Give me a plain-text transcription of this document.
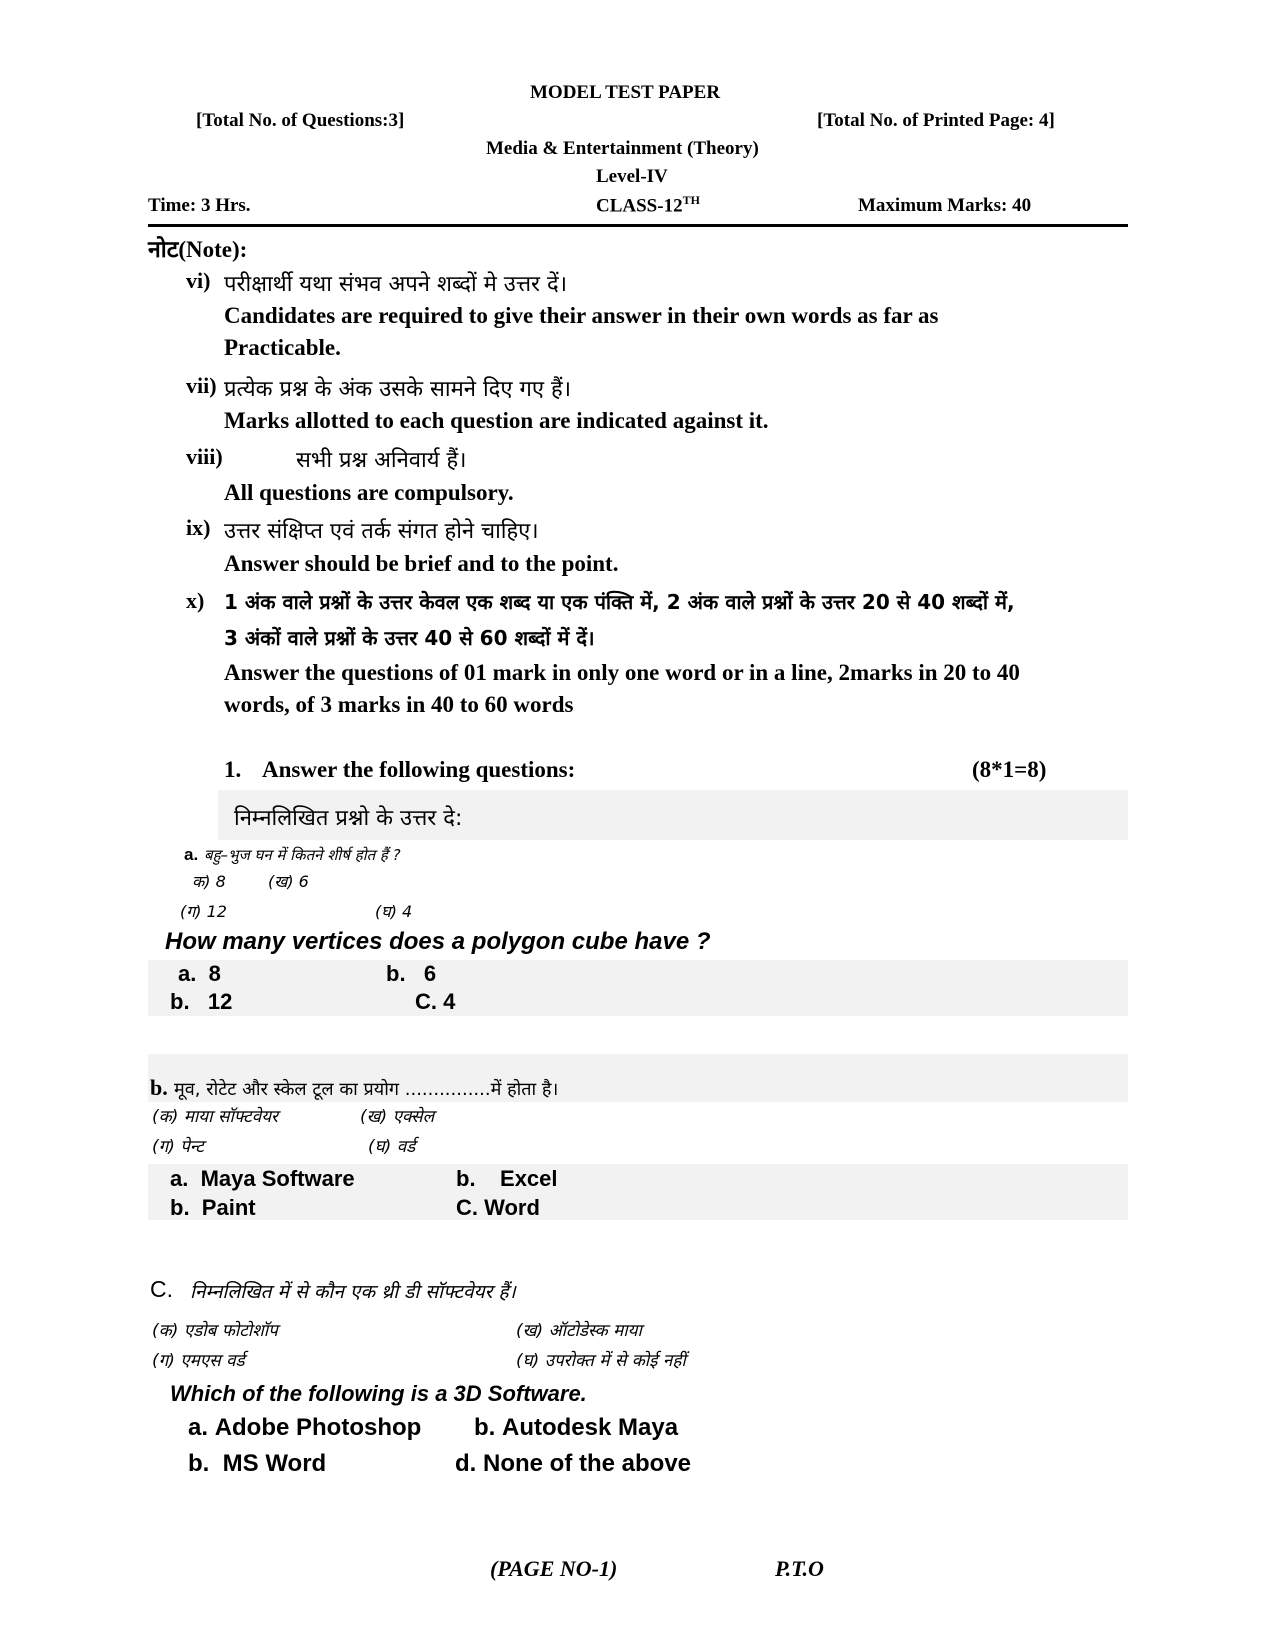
MODEL TEST PAPER
[Total No. of Questions:3]	[Total No. of Printed Page: 4]
Media & Entertainment (Theory)
Level-IV
Time: 3 Hrs.	CLASS-12TH	Maximum Marks: 40
नोट(Note):
vi) परीक्षार्थी यथा संभव अपने शब्दों मे उत्तर दें।
Candidates are required to give their answer in their own words as far as
Practicable.
vii) प्रत्येक प्रश्न के अंक उसके सामने दिए गए हैं।
Marks allotted to each question are indicated against it.
viii)	सभी प्रश्न अनिवार्य हैं।
All questions are compulsory.
ix) उत्तर संक्षिप्त एवं तर्क संगत होने चाहिए।
Answer should be brief and to the point.
x) 1 अंक वाले प्रश्नों के उत्तर केवल एक शब्द या एक पंक्ति में, 2 अंक वाले प्रश्नों के उत्तर 20 से 40 शब्दों में,
3 अंकों वाले प्रश्नों के उत्तर 40 से 60 शब्दों में दें।
Answer the questions of 01 mark in only one word or in a line, 2marks in 20 to 40
words, of 3 marks in 40 to 60 words
1. Answer the following questions:	(8*1=8)
निम्नलिखित प्रश्नो के उत्तर दे:
a. बहु–भुज घन में कितने शीर्ष होत हैं ?
क) 8	(ख) 6
(ग) 12	(घ) 4
How many vertices does a polygon cube have ?
a. 8	b. 6
b. 12	C. 4
b. मूव, रोटेट और स्केल टूल का प्रयोग ...............में होता है।
(क) माया सॉफ्टवेयर	(ख) एक्सेल
(ग) पेन्ट	(घ) वर्ड
a. Maya Software	b. Excel
b. Paint	C. Word
C. निम्नलिखित में से कौन एक थ्री डी सॉफ्टवेयर हैं।
(क) एडोब फोटोशॉप	(ख) ऑटोडेस्क माया
(ग) एमएस वर्ड	(घ) उपरोक्त में से कोई नहीं
Which of the following is a 3D Software.
a. Adobe Photoshop b. Autodesk Maya
b. MS Word	d. None of the above
(PAGE NO-1)	P.T.O
